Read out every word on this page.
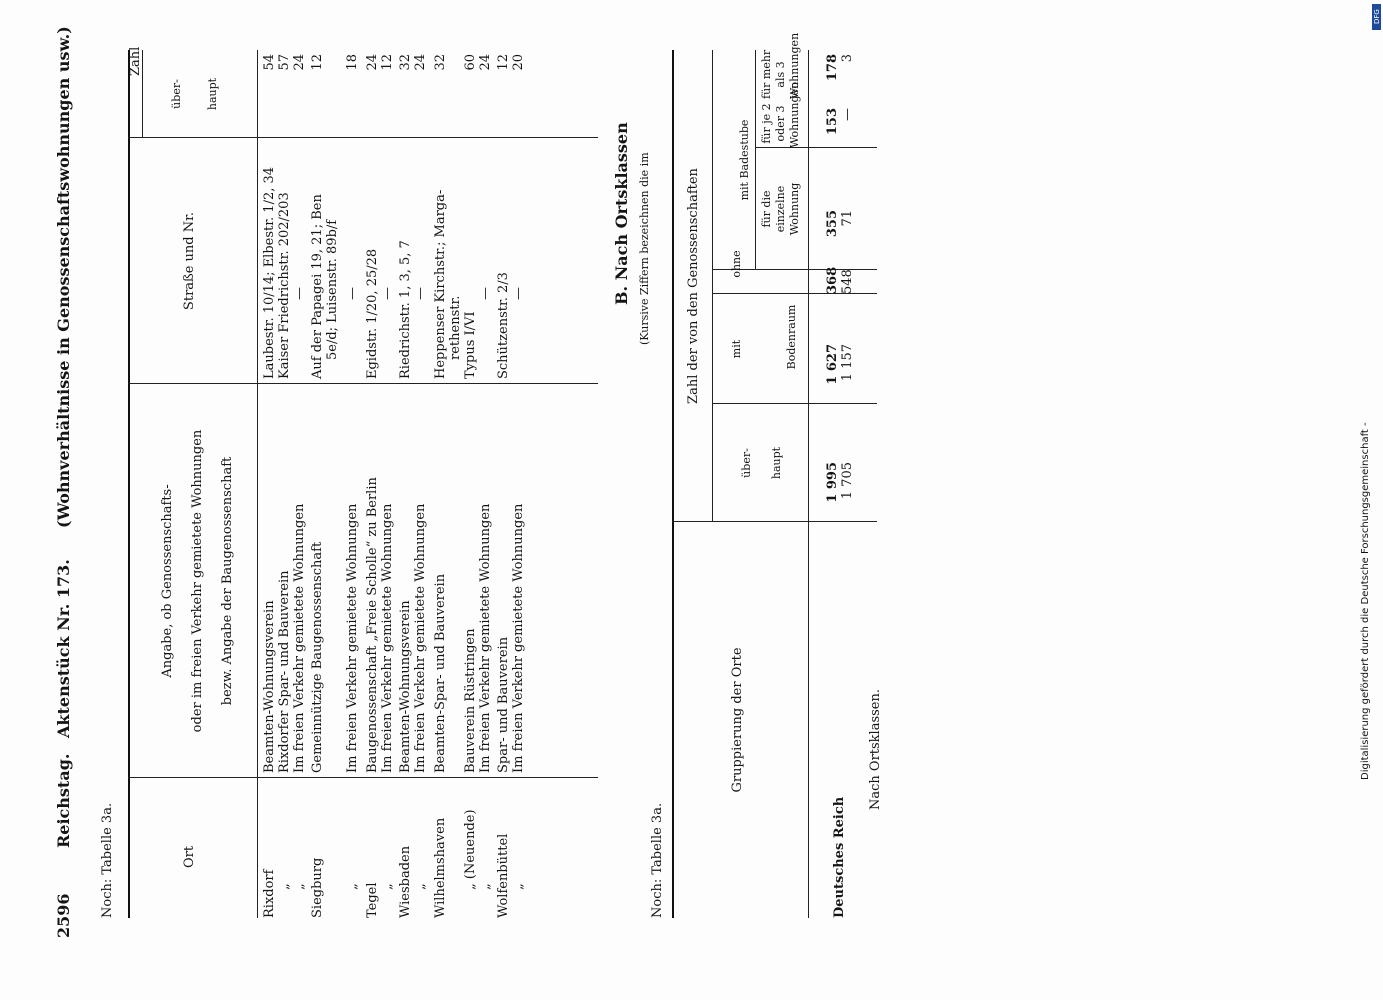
DFG
Digitalisierung gefördert durch die Deutsche Forschungsgemeinschaft -
2596
Reichstag.
Aktenstück Nr. 173.
(Wohnverhältnisse in Genossenschaftswohnungen usw.)
Noch: Tabelle 3a.	Ort
Angabe, ob Genossenschafts- oder im freien Verkehr gemietete Wohnungen bezw. Angabe der Baugenossenschaft
Straße und Nr.
Zahl
über- haupt
Rixdorf
Beamten-Wohnungsverein
Laubestr. 10/14; Elbestr. 1/2, 34
54
„
Rixdorfer Spar- und Bauverein
Kaiser Friedrichstr. 202/203
57
„
Im freien Verkehr gemietete Wohnungen
—
24
Siegburg
Gemeinnützige Baugenossenschaft
Auf der Papagei 19, 21; Ben
12
5e/d; Luisenstr. 89b/f
„
Im freien Verkehr gemietete Wohnungen
—
18
Tegel
Baugenossenschaft „Freie Scholle“ zu Berlin
Egidstr. 1/20, 25/28
24
„
Im freien Verkehr gemietete Wohnungen
—
12
Wiesbaden
Beamten-Wohnungsverein
Riedrichstr. 1, 3, 5, 7
32
„
Im freien Verkehr gemietete Wohnungen
—
24
Wilhelmshaven
Beamten-Spar- und Bauverein
Heppenser Kirchstr.; Marga-
32
rethenstr.
„ (Neuende)
Bauverein Rüstringen
Typus I/VI
60
„
Im freien Verkehr gemietete Wohnungen
—
24
Wolfenbüttel
Spar- und Bauverein
Schützenstr. 2/3
12
„
Im freien Verkehr gemietete Wohnungen
—
20
B. Nach Ortsklassen (Kursive Ziffern bezeichnen die im
Noch: Tabelle 3a.
Gruppierung der Orte
Zahl der von den Genossenschaften
über- haupt
mit	Bodenraum
ohne
mit Badestube
für die einzelne Wohnung
für je 2 oder 3 Wohnungen
für mehr als 3 Wohnungen
Deutsches Reich
1 995 1 705
1 627 1 157
368 548
355 71
153 —
178 3
Nach Ortsklassen.
